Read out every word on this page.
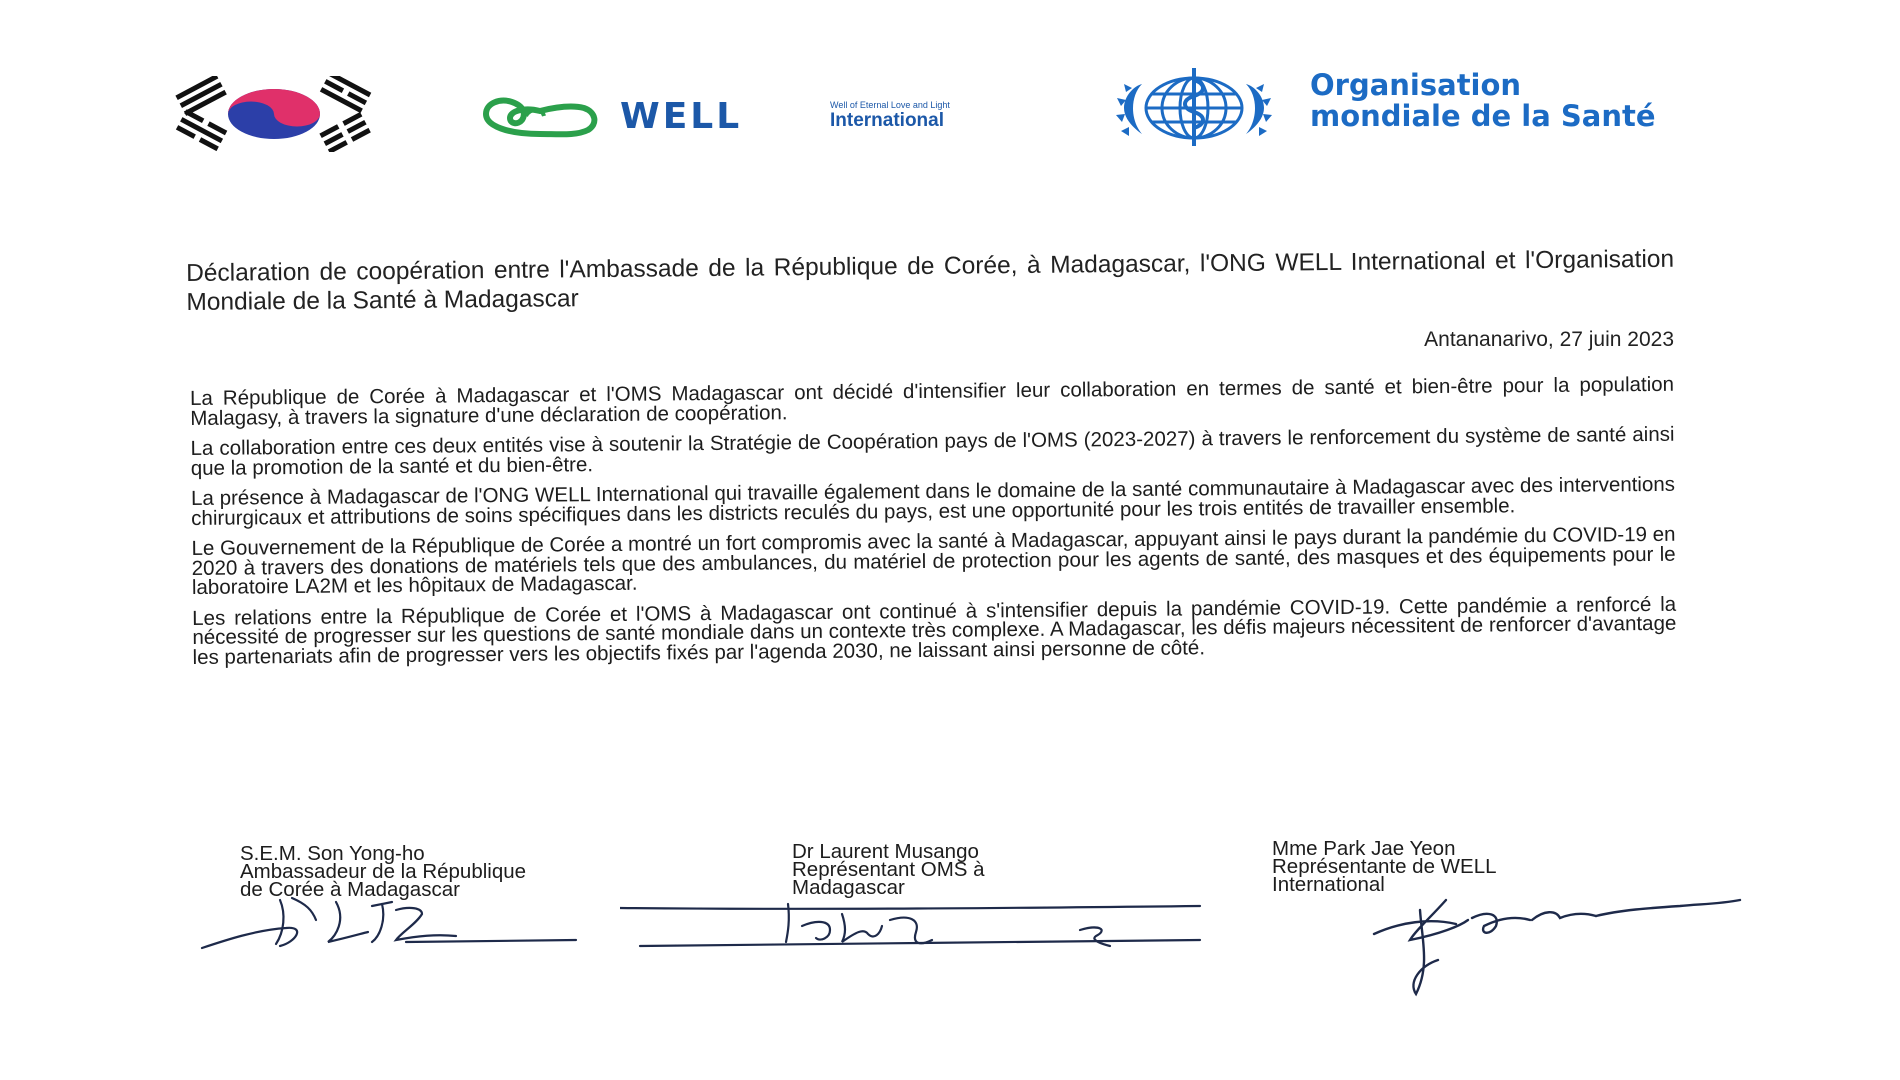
WELL	Well of Eternal Love and Light
International
Organisation
mondiale de la Santé
Déclaration de coopération entre l'Ambassade de la République de Corée, à Madagascar, l'ONG WELL International et l'Organisation Mondiale de la Santé à Madagascar
Antananarivo, 27 juin 2023

La République de Corée à Madagascar et l'OMS Madagascar ont décidé d'intensifier leur collaboration en termes de santé et bien-être pour la population Malagasy, à travers la signature d'une déclaration de coopération.

La collaboration entre ces deux entités vise à soutenir la Stratégie de Coopération pays de l'OMS (2023-2027) à travers le renforcement du système de santé ainsi que la promotion de la santé et du bien-être.

La présence à Madagascar de l'ONG WELL International qui travaille également dans le domaine de la santé communautaire à Madagascar avec des interventions chirurgicaux et attributions de soins spécifiques dans les districts reculés du pays, est une opportunité pour les trois entités de travailler ensemble.

Le Gouvernement de la République de Corée a montré un fort compromis avec la santé à Madagascar, appuyant ainsi le pays durant la pandémie du COVID-19 en 2020 à travers des donations de matériels tels que des ambulances, du matériel de protection pour les agents de santé, des masques et des équipements pour le laboratoire LA2M et les hôpitaux de Madagascar.

Les relations entre la République de Corée et l'OMS à Madagascar ont continué à s'intensifier depuis la pandémie COVID-19. Cette pandémie a renforcé la nécessité de progresser sur les questions de santé mondiale dans un contexte très complexe. A Madagascar, les défis majeurs nécessitent de renforcer d'avantage les partenariats afin de progresser vers les objectifs fixés par l'agenda 2030, ne laissant ainsi personne de côté.

S.E.M. Son Yong-ho
Ambassadeur de la République
de Corée à Madagascar
Dr Laurent Musango
Représentant OMS à
Madagascar
Mme Park Jae Yeon
Représentante de WELL
International
